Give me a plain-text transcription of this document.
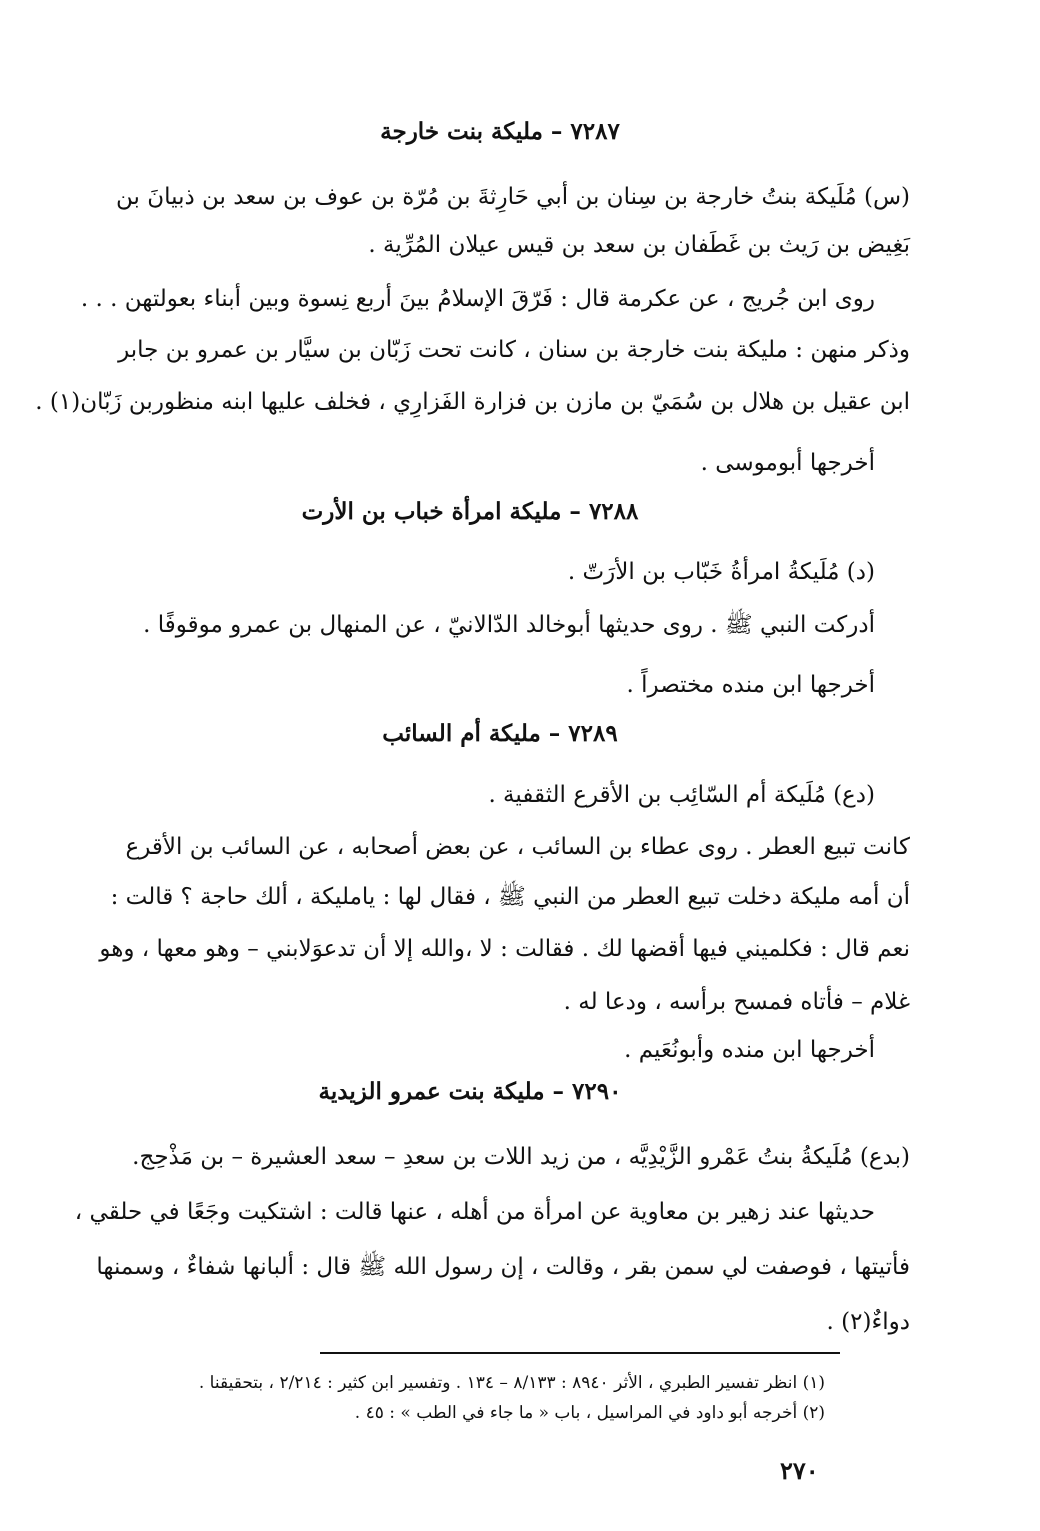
٧٢٨٧ – مليكة بنت خارجة
(س) مُلَيكة بنتُ خارجة بن سِنان بن أبي حَارِثةَ بن مُرّة بن عوف بن سعد بن ذبيانَ بن
بَغِيض بن رَيث بن غَطَفان بن سعد بن قيس عيلان المُرِّية .
روى ابن جُريج ، عن عكرمة قال : فَرّقَ الإسلامُ بينَ أربع نِسوة وبين أبناء بعولتهن . . .
وذكر منهن : مليكة بنت خارجة بن سنان ، كانت تحت زَبّان بن سيَّار بن عمرو بن جابر
ابن عقيل بن هلال بن سُمَيّ بن مازن بن فزارة الفَزارِي ، فخلف عليها ابنه منظوربن زَبّان(١) .
أخرجها أبوموسى .
٧٢٨٨ – مليكة امرأة خباب بن الأرت
(د) مُلَيكةُ امرأةُ خَبّاب بن الأرَتّ .
أدركت النبي ﷺ . روى حديثها أبوخالد الدّالانيّ ، عن المنهال بن عمرو موقوفًا .
أخرجها ابن منده مختصراً .
٧٢٨٩ – مليكة أم السائب
(دع) مُلَيكة أم السّائِب بن الأقرع الثقفية .
كانت تبيع العطر . روى عطاء بن السائب ، عن بعض أصحابه ، عن السائب بن الأقرع
أن أمه مليكة دخلت تبيع العطر من النبي ﷺ ، فقال لها : يامليكة ، ألك حاجة ؟ قالت :
نعم قال : فكلميني فيها أقضها لك . فقالت : لا ،والله إلا أن تدعوَلابني – وهو معها ، وهو
غلام – فأتاه فمسح برأسه ، ودعا له .
أخرجها ابن منده وأبونُعَيم .
٧٢٩٠ – مليكة بنت عمرو الزيدية
(بدع) مُلَيكةُ بنتُ عَمْرو الزَّيْدِيَّه ، من زيد اللات بن سعدِ – سعد العشيرة – بن مَذْحِج.
حديثها عند زهير بن معاوية عن امرأة من أهله ، عنها قالت : اشتكيت وجَعًا في حلقي ،
فأتيتها ، فوصفت لي سمن بقر ، وقالت ، إن رسول الله ﷺ قال : ألبانها شفاءٌ ، وسمنها
دواءٌ(٢) .
(١) انظر تفسير الطبري ، الأثر ٨٩٤٠ : ٨/١٣٣ – ١٣٤ . وتفسير ابن كثير : ٢/٢١٤ ، بتحقيقنا .
(٢) أخرجه أبو داود في المراسيل ، باب « ما جاء في الطب » : ٤٥ .
٢٧٠
